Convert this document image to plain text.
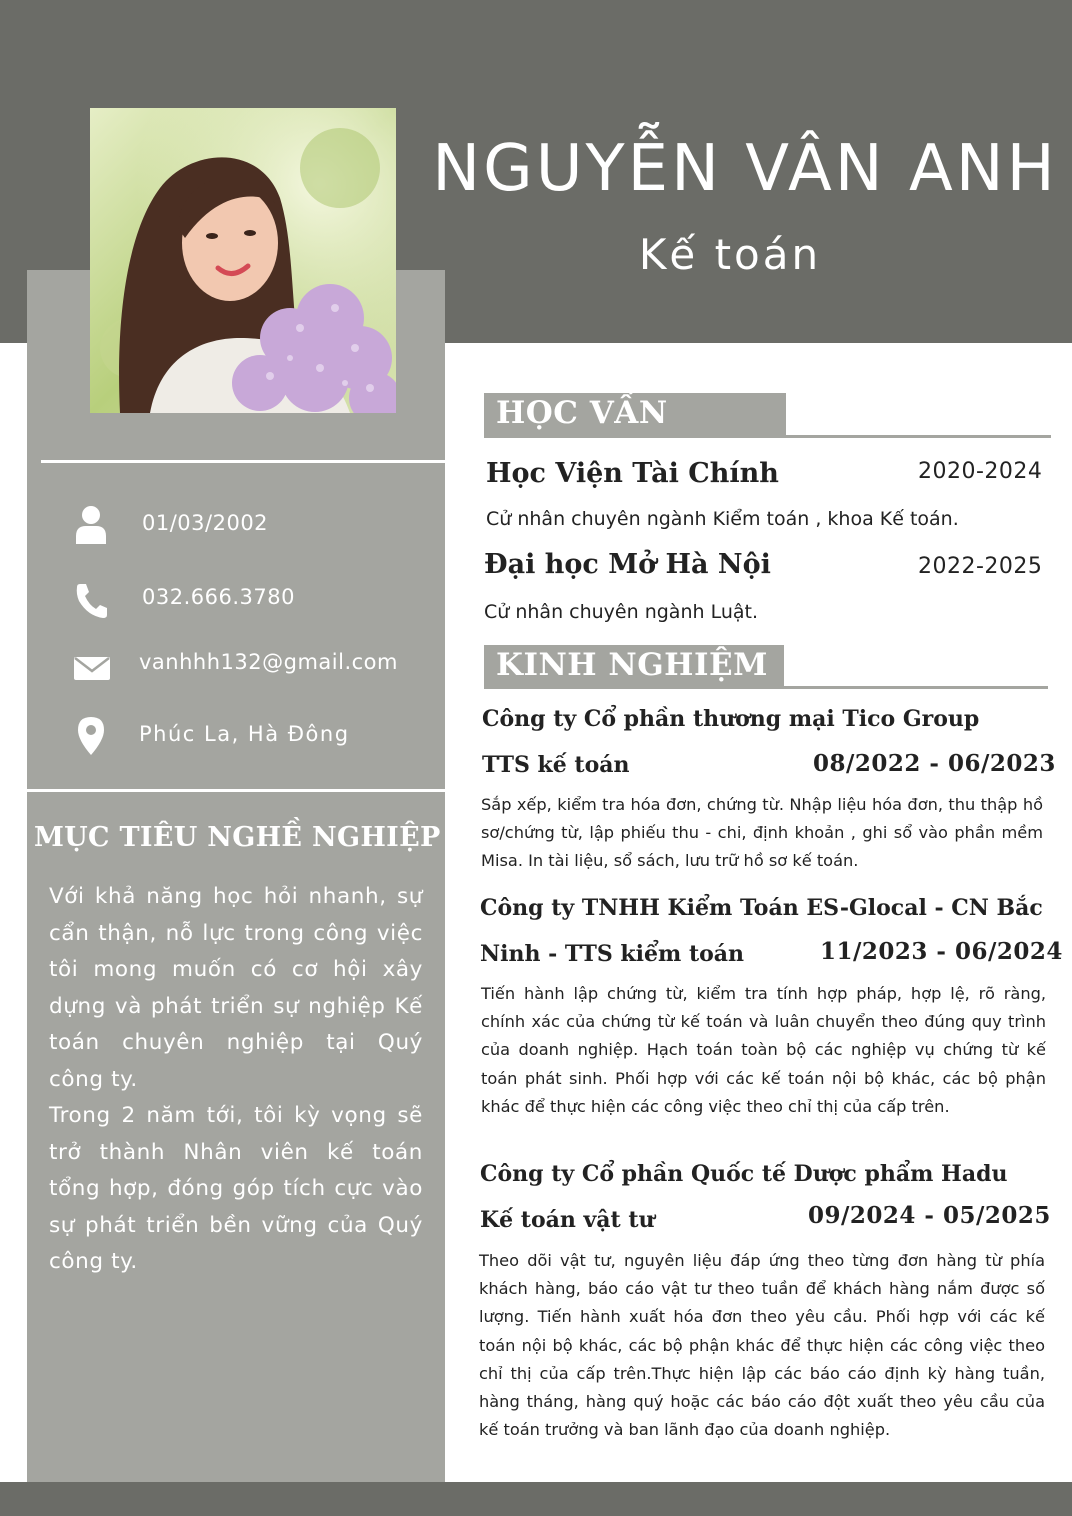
NGUYỄN VÂN ANH
Kế toán
01/03/2002
032.666.3780
vanhhh132@gmail.com
Phúc La, Hà Đông
MỤC TIÊU NGHỀ NGHIỆP

Với khả năng học hỏi nhanh, sự cẩn thận, nỗ lực trong công việc tôi mong muốn có cơ hội xây dựng và phát triển sự nghiệp Kế toán chuyên nghiệp tại Quý công ty.

Trong 2 năm tới, tôi kỳ vọng sẽ trở thành Nhân viên kế toán tổng hợp, đóng góp tích cực vào sự phát triển bền vững của Quý công ty.

HỌC VẤN
Học Viện Tài Chính	2020-2024
Cử nhân chuyên ngành Kiểm toán , khoa Kế toán.
Đại học Mở Hà Nội	2022-2025
Cử nhân chuyên ngành Luật.
KINH NGHIỆM
Công ty Cổ phần thương mại Tico Group
TTS kế toán	08/2022 - 06/2023
Sắp xếp, kiểm tra hóa đơn, chứng từ. Nhập liệu hóa đơn, thu thập hồ sơ/chứng từ, lập phiếu thu - chi, định khoản , ghi sổ vào phần mềm Misa. In tài liệu, sổ sách, lưu trữ hồ sơ kế toán.
Công ty TNHH Kiểm Toán ES-Glocal - CN Bắc
Ninh - TTS kiểm toán	11/2023 - 06/2024
Tiến hành lập chứng từ, kiểm tra tính hợp pháp, hợp lệ, rõ ràng, chính xác của chứng từ kế toán và luân chuyển theo đúng quy trình của doanh nghiệp. Hạch toán toàn bộ các nghiệp vụ chứng từ kế toán phát sinh. Phối hợp với các kế toán nội bộ khác, các bộ phận khác để thực hiện các công việc theo chỉ thị của cấp trên.
Công ty Cổ phần Quốc tế Dược phẩm Hadu
Kế toán vật tư	09/2024 - 05/2025
Theo dõi vật tư, nguyên liệu đáp ứng theo từng đơn hàng từ phía khách hàng, báo cáo vật tư theo tuần để khách hàng nắm được số lượng. Tiến hành xuất hóa đơn theo yêu cầu. Phối hợp với các kế toán nội bộ khác, các bộ phận khác để thực hiện các công việc theo chỉ thị của cấp trên.Thực hiện lập các báo cáo định kỳ hàng tuần, hàng tháng, hàng quý hoặc các báo cáo đột xuất theo yêu cầu của kế toán trưởng và ban lãnh đạo của doanh nghiệp.
